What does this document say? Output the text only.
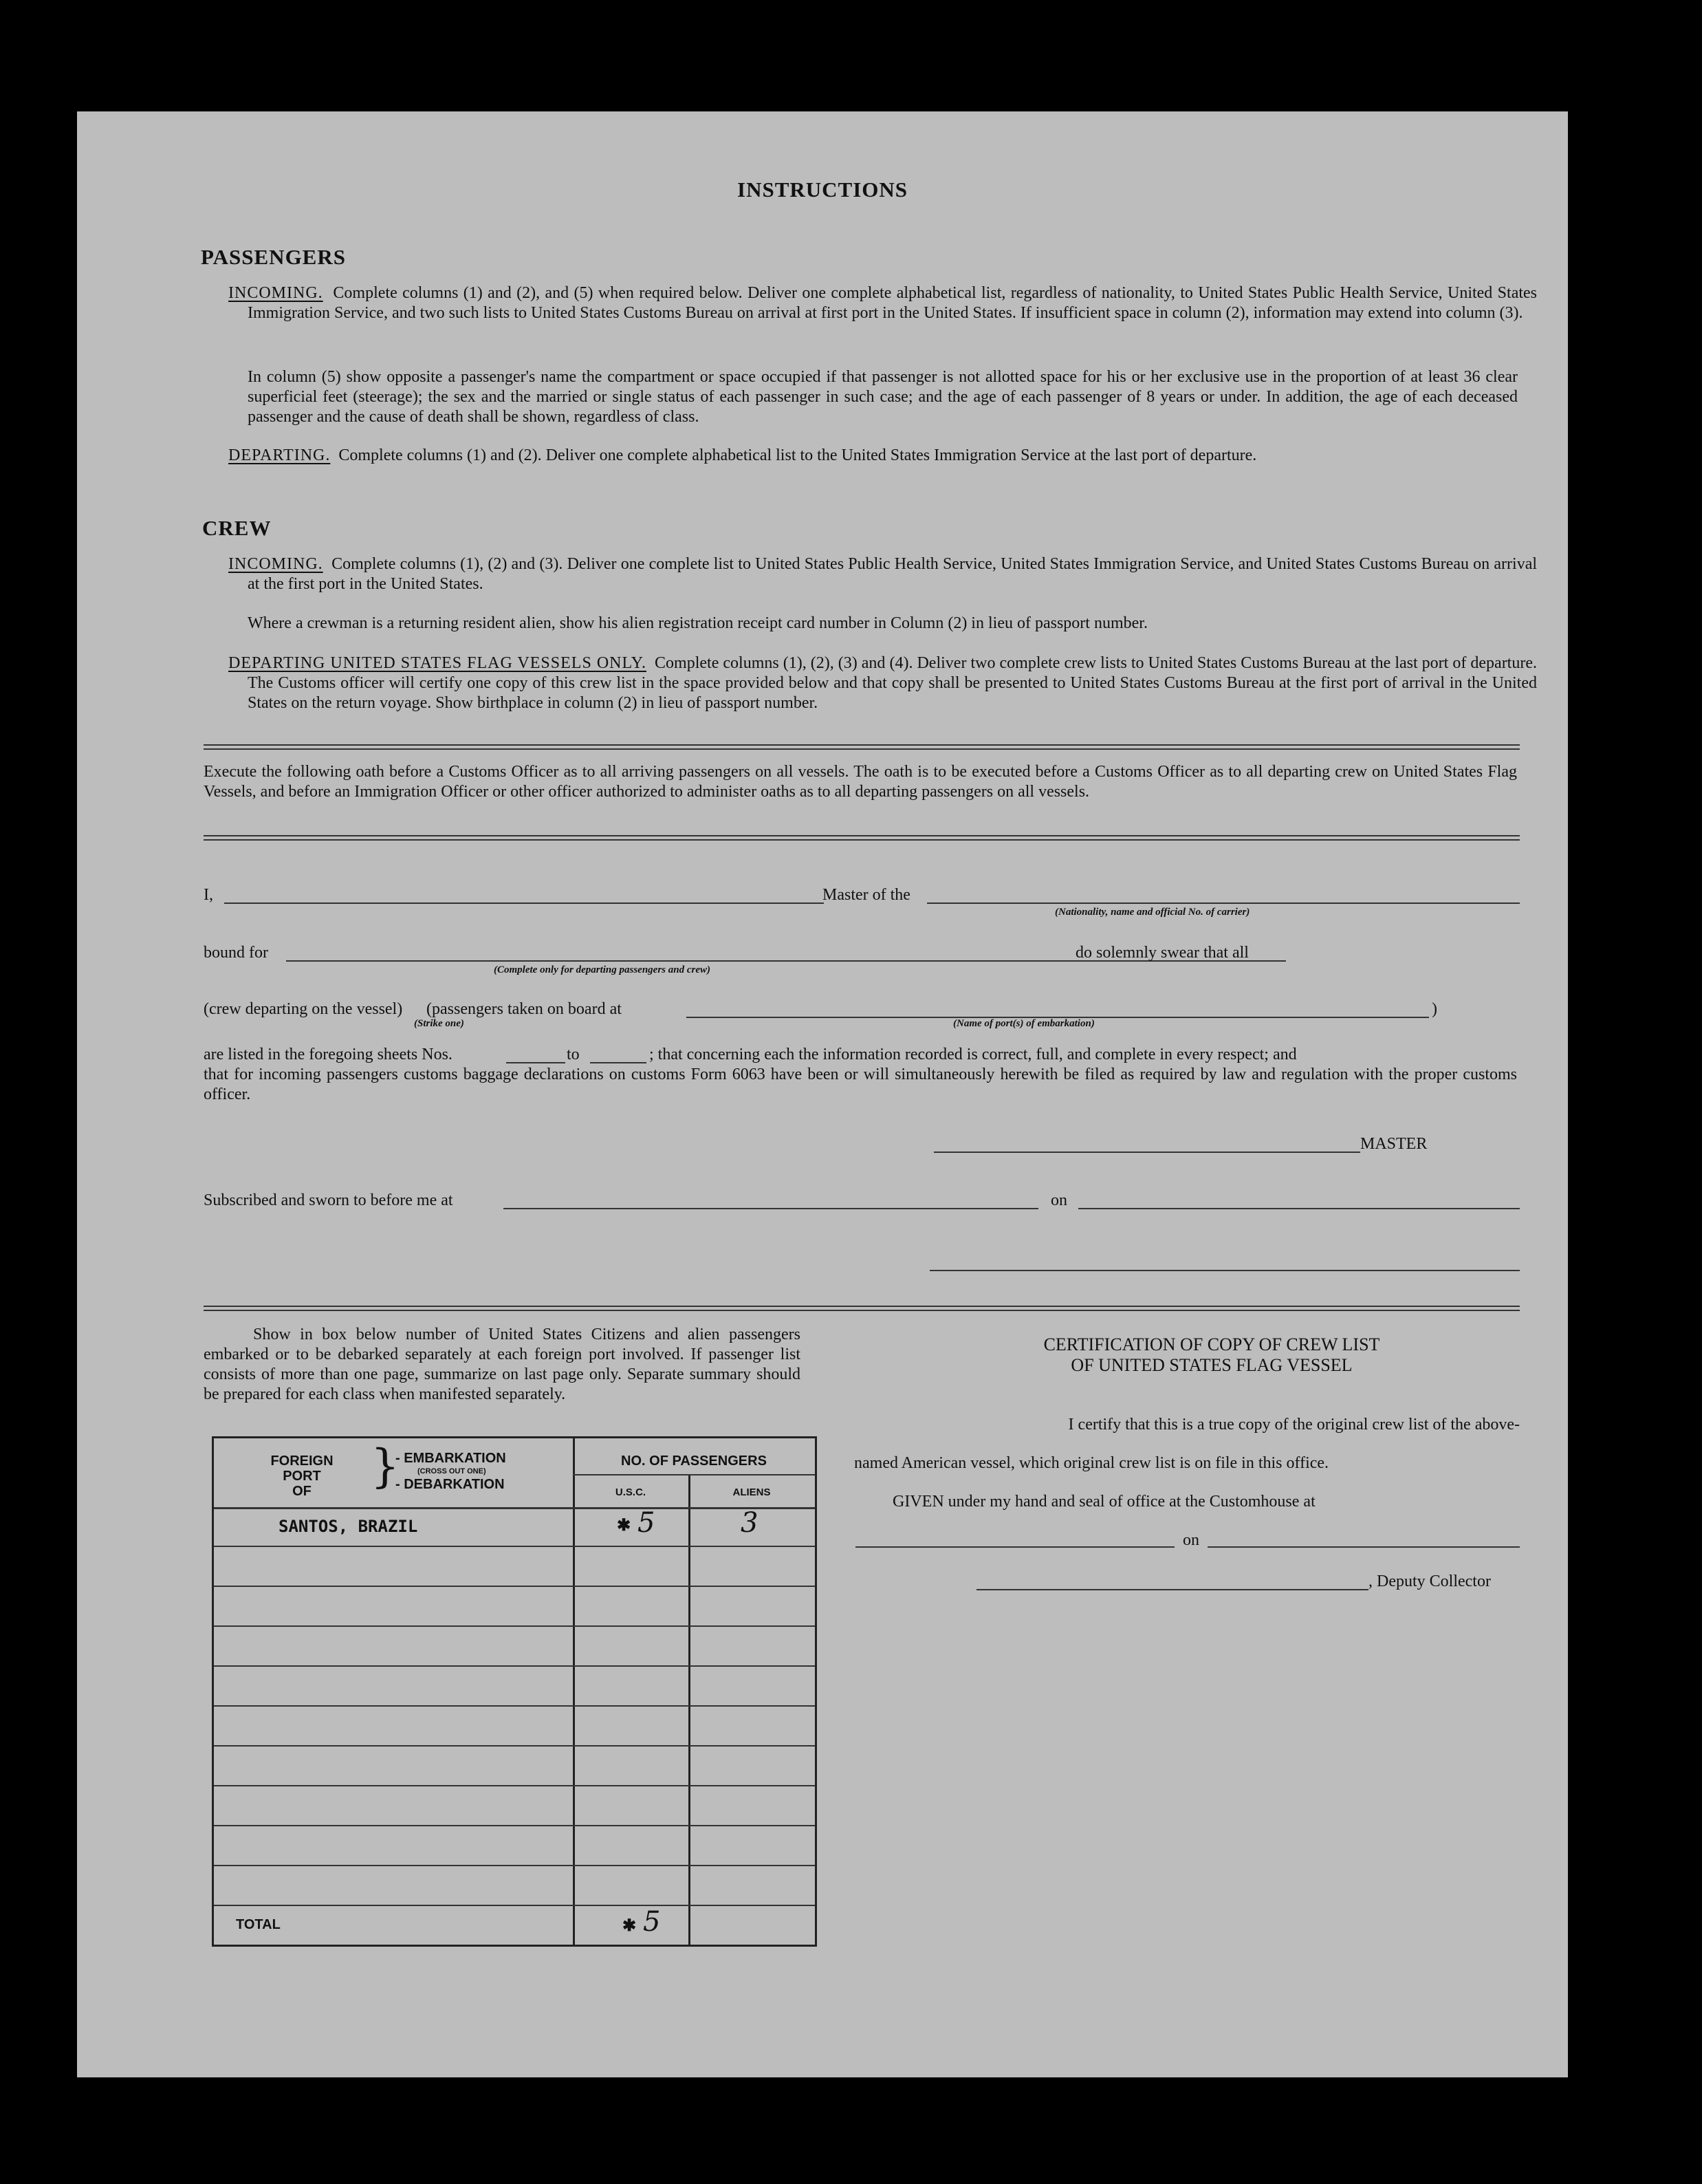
INSTRUCTIONS
PASSENGERS
INCOMING. Complete columns (1) and (2), and (5) when required below. Deliver one complete alphabetical list, regardless of nationality, to United States Public Health Service, United States Immigration Service, and two such lists to United States Customs Bureau on arrival at first port in the United States. If insufficient space in column (2), information may extend into column (3).
In column (5) show opposite a passenger's name the compartment or space occupied if that passenger is not allotted space for his or her exclusive use in the proportion of at least 36 clear superficial feet (steerage); the sex and the married or single status of each passenger in such case; and the age of each passenger of 8 years or under. In addition, the age of each deceased passenger and the cause of death shall be shown, regardless of class.
DEPARTING. Complete columns (1) and (2). Deliver one complete alphabetical list to the United States Immigration Service at the last port of departure.
CREW
INCOMING. Complete columns (1), (2) and (3). Deliver one complete list to United States Public Health Service, United States Immigration Service, and United States Customs Bureau on arrival at the first port in the United States.
Where a crewman is a returning resident alien, show his alien registration receipt card number in Column (2) in lieu of passport number.
DEPARTING UNITED STATES FLAG VESSELS ONLY. Complete columns (1), (2), (3) and (4). Deliver two complete crew lists to United States Customs Bureau at the last port of departure. The Customs officer will certify one copy of this crew list in the space provided below and that copy shall be presented to United States Customs Bureau at the first port of arrival in the United States on the return voyage. Show birthplace in column (2) in lieu of passport number.
Execute the following oath before a Customs Officer as to all arriving passengers on all vessels. The oath is to be executed before a Customs Officer as to all departing crew on United States Flag Vessels, and before an Immigration Officer or other officer authorized to administer oaths as to all departing passengers on all vessels.
I,	Master of the
(Nationality, name and official No. of carrier)
bound for
(Complete only for departing passengers and crew)
do solemnly swear that all
(crew departing on the vessel) (passengers taken on board at	)
(Strike one)	(Name of port(s) of embarkation)
are listed in the foregoing sheets Nos.	to	; that concerning each the information recorded is correct, full, and complete in every respect; and
that for incoming passengers customs baggage declarations on customs Form 6063 have been or will simultaneously herewith be filed as required by law and regulation with the proper customs officer.
MASTER
Subscribed and sworn to before me at	on
Show in box below number of United States Citizens and alien passengers embarked or to be debarked separately at each foreign port involved. If passenger list consists of more than one page, summarize on last page only. Separate summary should be prepared for each class when manifested separately.
FOREIGN
PORT
OF	}
- EMBARKATION
(CROSS OUT ONE)
- DEBARKATION
NO. OF PASSENGERS
U.S.C.	ALIENS
SANTOS, BRAZIL	✱ 5	3
TOTAL	✱ 5
CERTIFICATION OF COPY OF CREW LIST
OF UNITED STATES FLAG VESSEL
I certify that this is a true copy of the original crew list of the above-
named American vessel, which original crew list is on file in this office.
GIVEN under my hand and seal of office at the Customhouse at
on
, Deputy Collector
